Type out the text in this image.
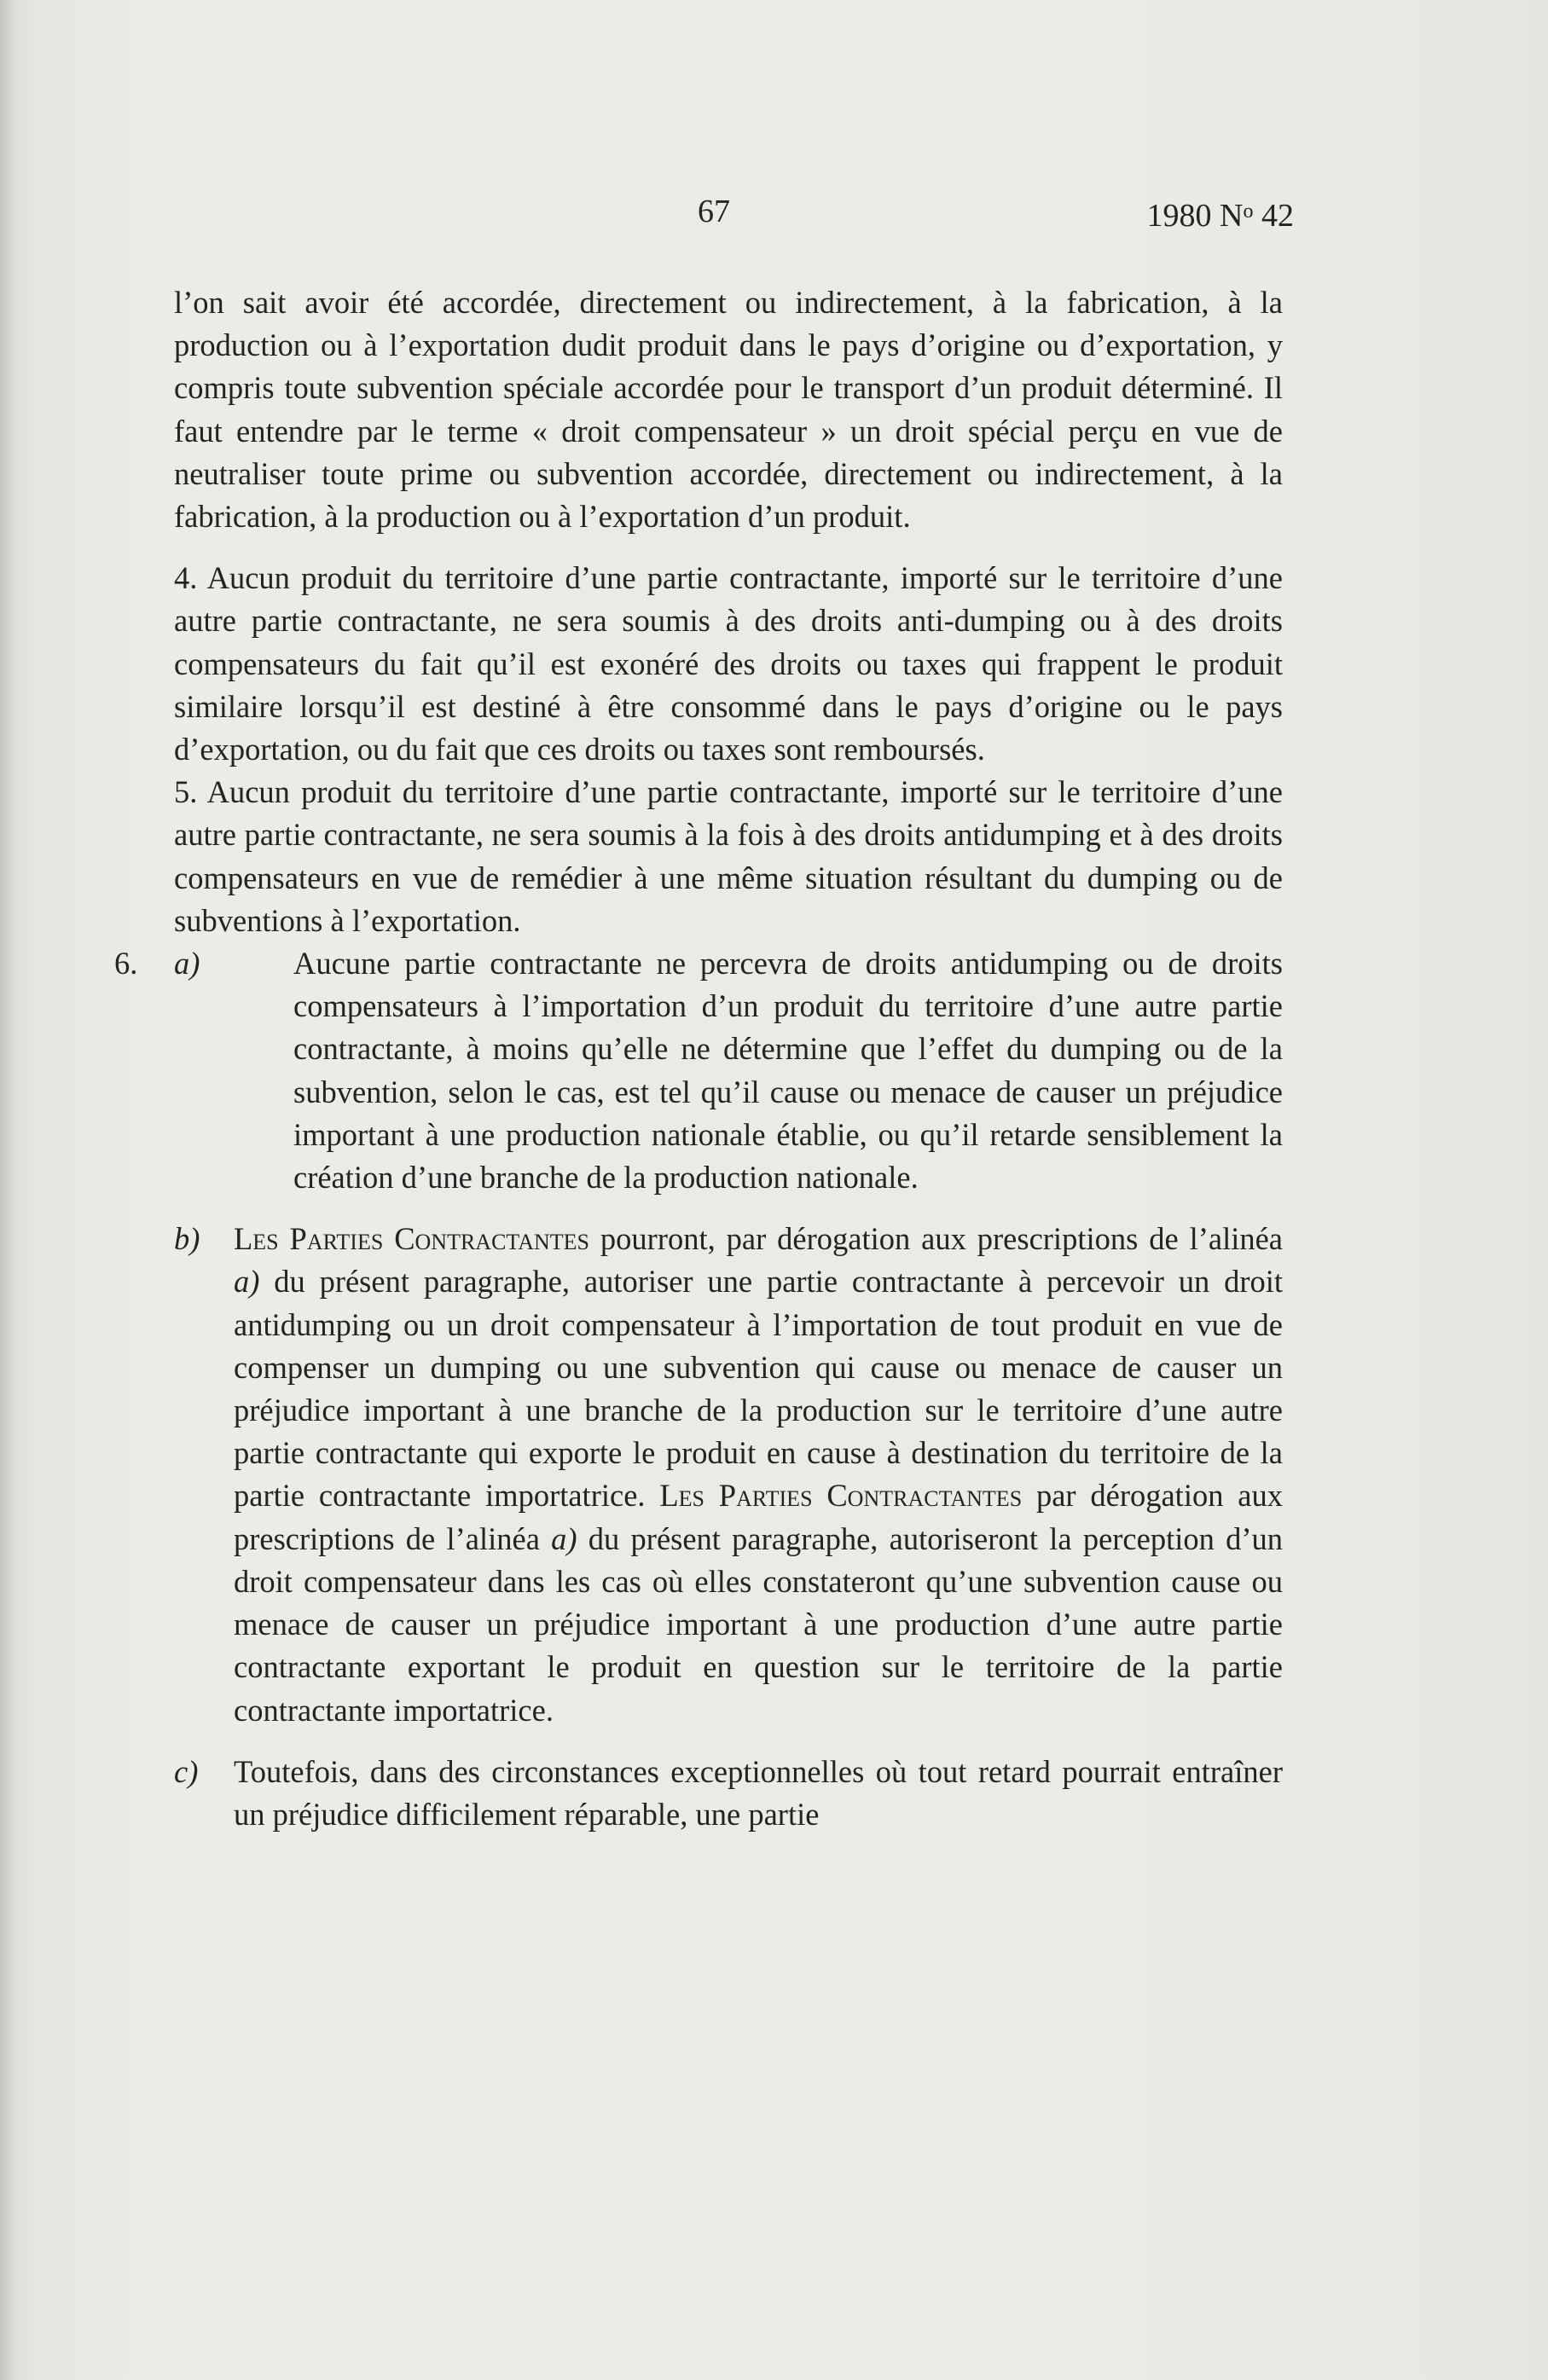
67	1980 $N^o$ 42

l’on sait avoir été accordée, directement ou indirectement, à la fabrication, à la production ou à l’exportation dudit produit dans le pays d’origine ou d’exportation, y compris toute subvention spéciale accordée pour le transport d’un produit déterminé. Il faut entendre par le terme « droit compensateur » un droit spécial perçu en vue de neutraliser toute prime ou subvention accordée, directement ou indirectement, à la fabrication, à la production ou à l’exportation d’un produit.

4. Aucun produit du territoire d’une partie contractante, importé sur le territoire d’une autre partie contractante, ne sera soumis à des droits anti-dumping ou à des droits compensateurs du fait qu’il est exonéré des droits ou taxes qui frappent le produit similaire lorsqu’il est destiné à être consommé dans le pays d’origine ou le pays d’exportation, ou du fait que ces droits ou taxes sont remboursés.

5. Aucun produit du territoire d’une partie contractante, importé sur le territoire d’une autre partie contractante, ne sera soumis à la fois à des droits antidumping et à des droits compensateurs en vue de remédier à une même situation résultant du dumping ou de subventions à l’exportation.

6. a)	Aucune partie contractante ne percevra de droits antidumping ou de droits compensateurs à l’importation d’un produit du territoire d’une autre partie contractante, à moins qu’elle ne détermine que l’effet du dumping ou de la subvention, selon le cas, est tel qu’il cause ou menace de causer un préjudice important à une production nationale établie, ou qu’il retarde sensiblement la création d’une branche de la production nationale.

b) Les Parties Contractantes pourront, par dérogation aux prescriptions de l’alinéa a) du présent paragraphe, autoriser une partie contractante à percevoir un droit antidumping ou un droit compensateur à l’importation de tout produit en vue de compenser un dumping ou une subvention qui cause ou menace de causer un préjudice important à une branche de la production sur le territoire d’une autre partie contractante qui exporte le produit en cause à destination du territoire de la partie contractante importatrice. Les Parties Contractantes par dérogation aux prescriptions de l’alinéa a) du présent paragraphe, autoriseront la perception d’un droit compensateur dans les cas où elles constateront qu’une subvention cause ou menace de causer un préjudice important à une production d’une autre partie contractante exportant le produit en question sur le territoire de la partie contractante importatrice.

c) Toutefois, dans des circonstances exceptionnelles où tout retard pourrait entraîner un préjudice difficilement réparable, une partie
